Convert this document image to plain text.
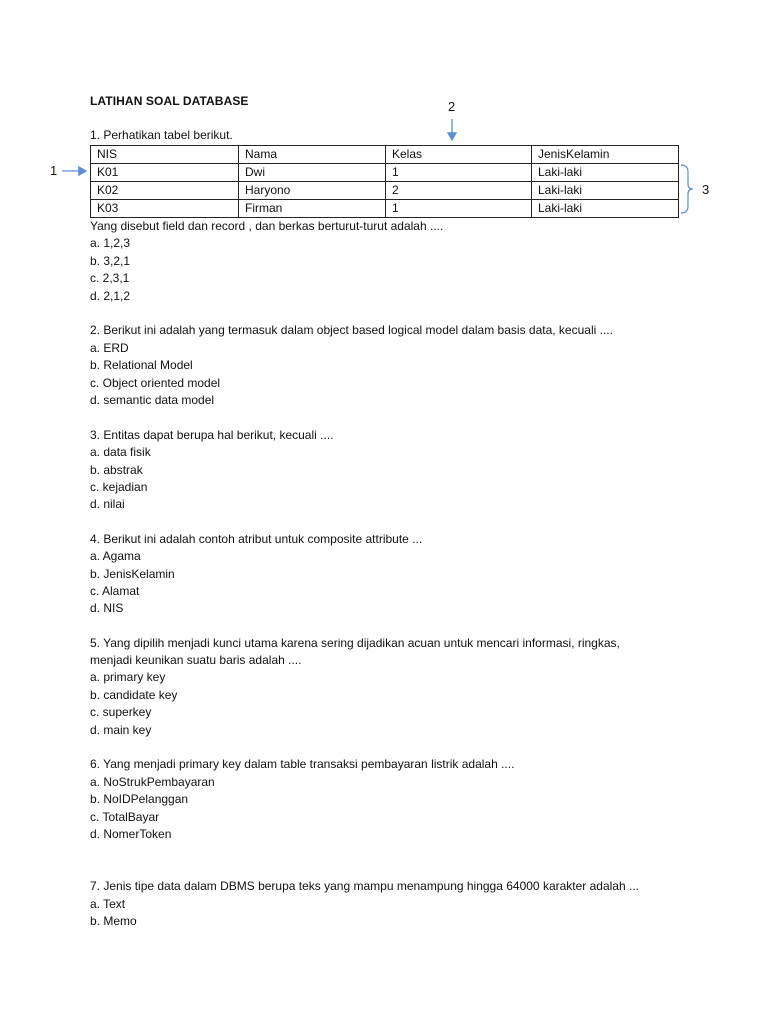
LATIHAN SOAL DATABASE	2
1
3
1. Perhatikan tabel berikut.
NIS	Nama	Kelas	JenisKelamin
K01	Dwi	1	Laki-laki
K02	Haryono	2	Laki-laki
K03	Firman	1	Laki-laki
Yang disebut field dan record , dan berkas berturut-turut adalah ....
a. 1,2,3
b. 3,2,1
c. 2,3,1
d. 2,1,2
2. Berikut ini adalah yang termasuk dalam object based logical model dalam basis data, kecuali ....
a. ERD
b. Relational Model
c. Object oriented model
d. semantic data model
3. Entitas dapat berupa hal berikut, kecuali ....
a. data fisik
b. abstrak
c. kejadian
d. nilai
4. Berikut ini adalah contoh atribut untuk composite attribute ...
a. Agama
b. JenisKelamin
c. Alamat
d. NIS
5. Yang dipilih menjadi kunci utama karena sering dijadikan acuan untuk mencari informasi, ringkas,
menjadi keunikan suatu baris adalah ....
a. primary key
b. candidate key
c. superkey
d. main key
6. Yang menjadi primary key dalam table transaksi pembayaran listrik adalah ....
a. NoStrukPembayaran
b. NoIDPelanggan
c. TotalBayar
d. NomerToken
7. Jenis tipe data dalam DBMS berupa teks yang mampu menampung hingga 64000 karakter adalah ...
a. Text
b. Memo
